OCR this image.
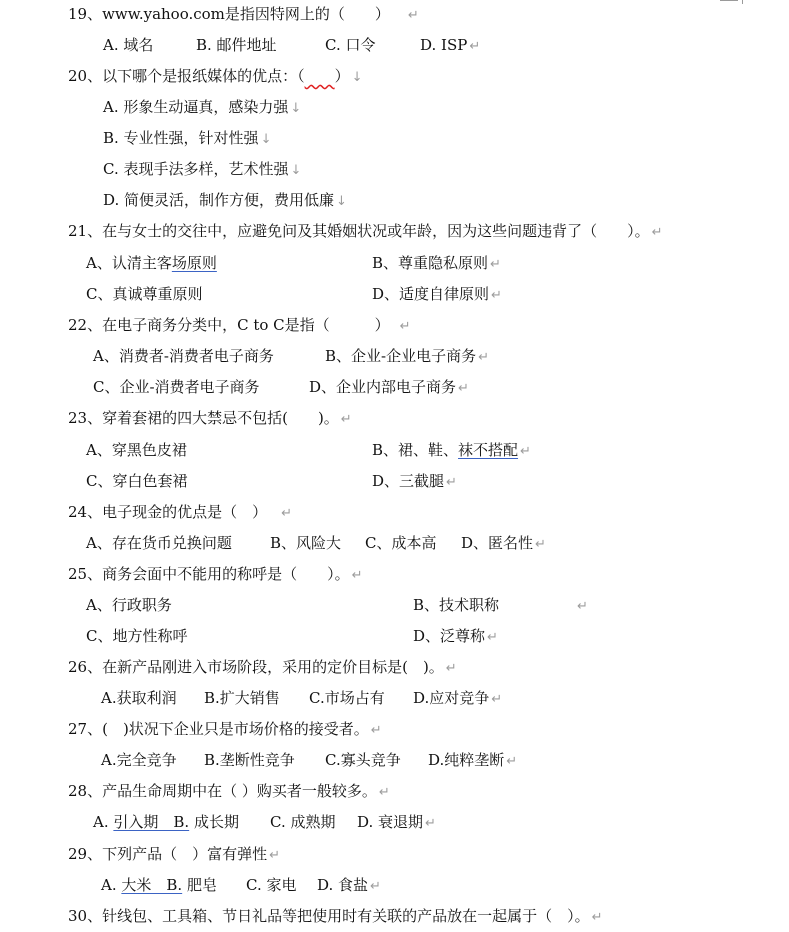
19、www.yahoo.com是指因特网上的（　　） ↵
A. 域名	B. 邮件地址	C. 口令	D. ISP ↵
20、以下哪个是报纸媒体的优点：（　　 ） ↓
A. 形象生动逼真，感染力强 ↓
B. 专业性强，针对性强 ↓
C. 表现手法多样，艺术性强 ↓
D. 简便灵活，制作方便，费用低廉 ↓
21、在与女士的交往中，应避免问及其婚姻状况或年龄，因为这些问题违背了（　　）。 ↵
A、认清主客场原则	B、尊重隐私原则 ↵
C、真诚尊重原则	D、适度自律原则 ↵
22、在电子商务分类中，C to C是指（　　　） ↵
A、消费者-消费者电子商务	B、企业-企业电子商务 ↵
C、企业-消费者电子商务	D、企业内部电子商务 ↵
23、穿着套裙的四大禁忌不包括(　　)。 ↵
A、穿黑色皮裙	B、裙、鞋、袜不搭配 ↵
C、穿白色套裙	D、三截腿 ↵
24、电子现金的优点是（　） ↵
A、存在货币兑换问题	B、风险大 C、成本高 D、匿名性 ↵
25、商务会面中不能用的称呼是（　　）。 ↵
A、行政职务	B、技术职称	↵
C、地方性称呼	D、泛尊称 ↵
26、在新产品刚进入市场阶段，采用的定价目标是(　)。 ↵
A.获取利润 B.扩大销售 C.市场占有 D.应对竞争 ↵
27、(　)状况下企业只是市场价格的接受者。 ↵
A.完全竞争 B.垄断性竞争 C.寡头竞争 D.纯粹垄断 ↵
28、产品生命周期中在（ ）购买者一般较多。 ↵
A. 引入期　B. 成长期 C. 成熟期 D. 衰退期 ↵
29、下列产品（　）富有弹性 ↵
A. 大米　B. 肥皂 C. 家电 D. 食盐 ↵
30、针线包、工具箱、节日礼品等把使用时有关联的产品放在一起属于（　）。 ↵
